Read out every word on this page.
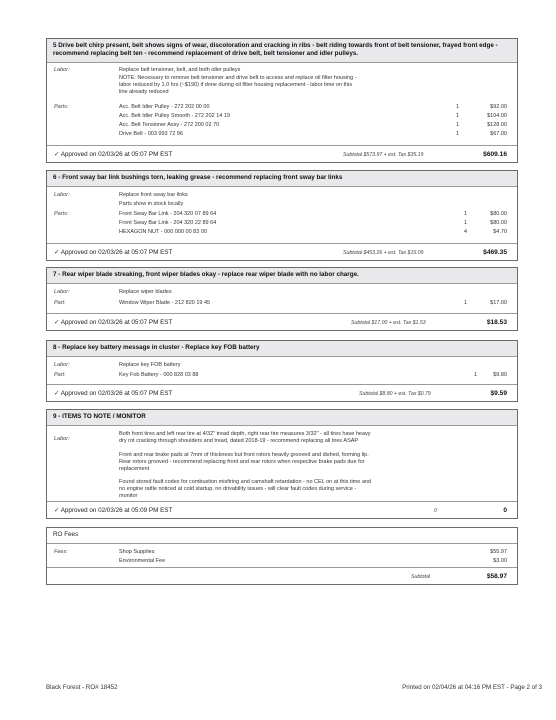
5 Drive belt chirp present, belt shows signs of wear, discoloration and cracking in ribs - belt riding towards front of belt tensioner, frayed front edge - recommend replacing belt ten - recommend replacement of drive belt, belt tensioner and idler pulleys.
Labor:	Replace belt tensioner, belt, and both idler pulleys
NOTE: Necessary to remove belt tensioner and drive belt to access and replace oil filter housing - labor reduced by 1.0 hrs (~$190) if done during oil filter housing replacement - labor time on this line already reduced
Parts:	Acc. Belt Idler Pulley - 272 202 00 00	1	$92.00
Acc. Belt Idler Pulley Smooth - 272 202 14 19	1	$104.00
Acc. Belt Tensioner Assy - 272 200 02 70	1	$128.00
Drive Belt - 003 993 72 96	1	$67.00
✓ Approved on 02/03/26 at 05:07 PM EST	Subtotal $573.97 + est. Tax $35.19	$609.16
6 - Front sway bar link bushings torn, leaking grease - recommend replacing front sway bar links
Labor:	Replace front sway bar links
Parts show in stock locally
Parts:	Front Sway Bar Link - 204 320 07 89 64	1	$80.00
Front Sway Bar Link - 204 320 22 89 64	1	$80.00
HEXAGON NUT - 000 000 00 83 00	4	$4.70
✓ Approved on 02/03/26 at 05:07 PM EST	Subtotal $453.26 + est. Tax $16.09	$469.35
7 - Rear wiper blade streaking, front wiper blades okay - replace rear wiper blade with no labor charge.
Labor:	Replace wiper blades
Part:	Window Wiper Blade - 212 820 19 45	1	$17.00
✓ Approved on 02/03/26 at 05:07 PM EST	Subtotal $17.00 + est. Tax $1.53	$18.53
8 - Replace key battery message in cluster - Replace key FOB battery
Labor:	Replace key FOB battery
Part:	Key Fob Battery - 000 828 03 88	1	$9.80
✓ Approved on 02/03/26 at 05:07 PM EST	Subtotal $8.80 + est. Tax $0.79	$9.59
9 - ITEMS TO NOTE / MONITOR
Labor:
Both front tires and left rear tire at 4/32" tread depth, right rear tire measures 3/32" - all tires have heavy dry rot cracking through shoulders and tread, dated 2018-19 - recommend replacing all tires ASAP
Front and rear brake pads at 7mm of thickness but front rotors heavily grooved and dished, forming lip. Rear rotors grooved - recommend replacing front and rear rotors when respective brake pads due for replacement
Found stored fault codes for combustion misfiring and camshaft retardation - no CEL on at this time and no engine rattle noticed at cold startup, no drivability issues - will clear fault codes during service - monitor
✓ Approved on 02/03/26 at 05:09 PM EST	0	0
RO Fees
Fees:	Shop Supplies	$55.97
Environmental Fee	$3.00
Subtotal	$58.97
Black Forest - RO# 18452	Printed on 02/04/26 at 04:16 PM EST - Page 2 of 3
